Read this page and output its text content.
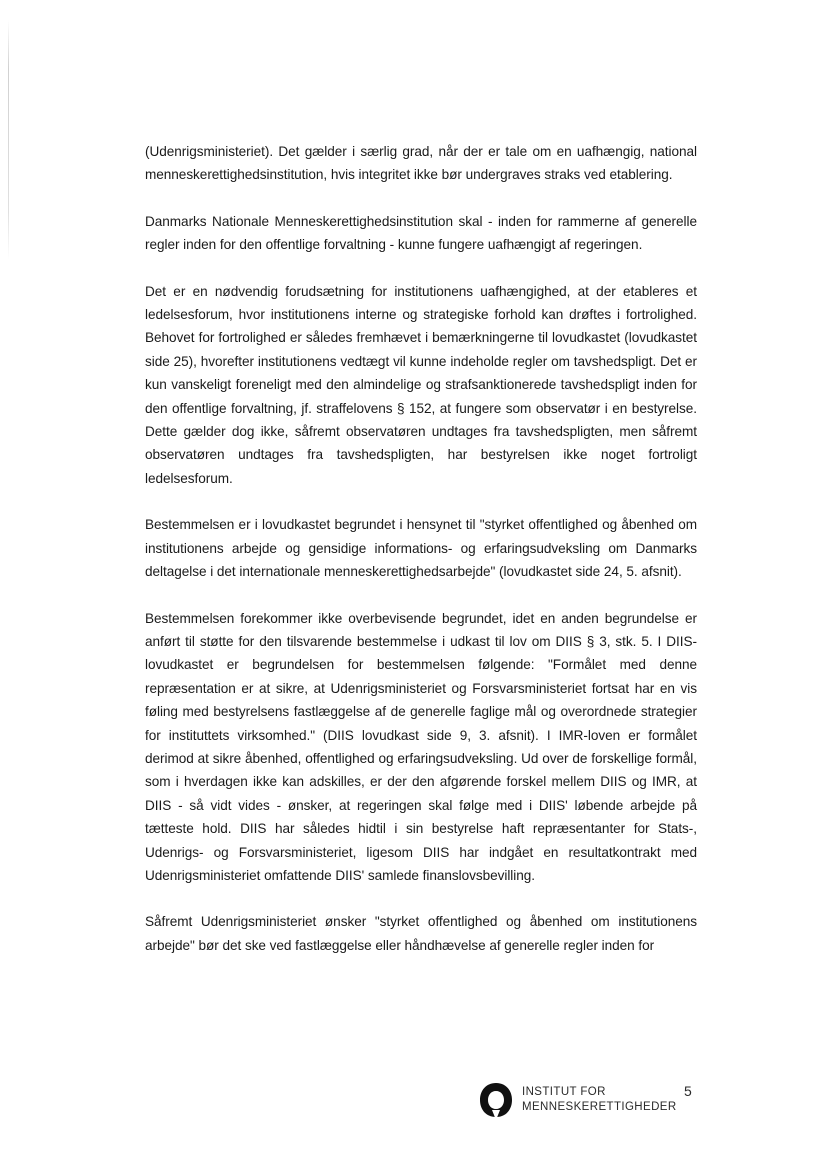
(Udenrigsministeriet). Det gælder i særlig grad, når der er tale om en uafhængig, national menneskerettighedsinstitution, hvis integritet ikke bør undergraves straks ved etablering.

Danmarks Nationale Menneskerettighedsinstitution skal - inden for rammerne af generelle regler inden for den offentlige forvaltning - kunne fungere uafhængigt af regeringen.

Det er en nødvendig forudsætning for institutionens uafhængighed, at der etableres et ledelsesforum, hvor institutionens interne og strategiske forhold kan drøftes i fortrolighed. Behovet for fortrolighed er således fremhævet i bemærkningerne til lovudkastet (lovudkastet side 25), hvorefter institutionens vedtægt vil kunne indeholde regler om tavshedspligt. Det er kun vanskeligt foreneligt med den almindelige og strafsanktionerede tavshedspligt inden for den offentlige forvaltning, jf. straffelovens § 152, at fungere som observatør i en bestyrelse. Dette gælder dog ikke, såfremt observatøren undtages fra tavshedspligten, men såfremt observatøren undtages fra tavshedspligten, har bestyrelsen ikke noget fortroligt ledelsesforum.

Bestemmelsen er i lovudkastet begrundet i hensynet til "styrket offentlighed og åbenhed om institutionens arbejde og gensidige informations- og erfaringsudveksling om Danmarks deltagelse i det internationale menneskerettighedsarbejde" (lovudkastet side 24, 5. afsnit).

Bestemmelsen forekommer ikke overbevisende begrundet, idet en anden begrundelse er anført til støtte for den tilsvarende bestemmelse i udkast til lov om DIIS § 3, stk. 5. I DIIS-lovudkastet er begrundelsen for bestemmelsen følgende: "Formålet med denne repræsentation er at sikre, at Udenrigsministeriet og Forsvarsministeriet fortsat har en vis føling med bestyrelsens fastlæggelse af de generelle faglige mål og overordnede strategier for instituttets virksomhed." (DIIS lovudkast side 9, 3. afsnit). I IMR-loven er formålet derimod at sikre åbenhed, offentlighed og erfaringsudveksling. Ud over de forskellige formål, som i hverdagen ikke kan adskilles, er der den afgørende forskel mellem DIIS og IMR, at DIIS - så vidt vides - ønsker, at regeringen skal følge med i DIIS' løbende arbejde på tætteste hold. DIIS har således hidtil i sin bestyrelse haft repræsentanter for Stats-, Udenrigs- og Forsvarsministeriet, ligesom DIIS har indgået en resultatkontrakt med Udenrigsministeriet omfattende DIIS' samlede finanslovsbevilling.

Såfremt Udenrigsministeriet ønsker "styrket offentlighed og åbenhed om institutionens arbejde" bør det ske ved fastlæggelse eller håndhævelse af generelle regler inden for

INSTITUT FOR
MENNESKERETTIGHEDER
5
